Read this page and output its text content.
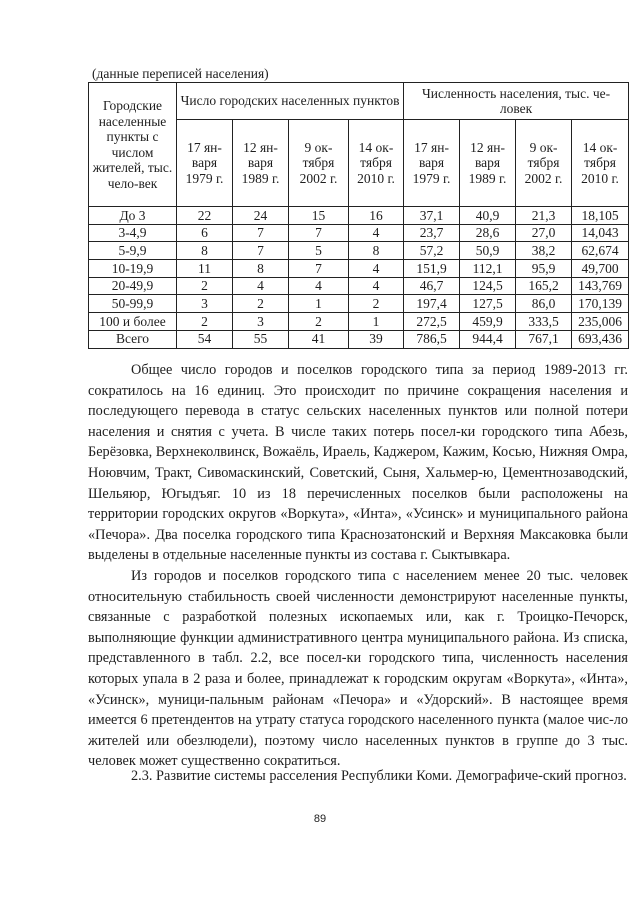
(данные переписей населения)
Городские населенные пункты с числом жителей, тыс. чело-век	Число городских населенных пунктов				Численность населения, тыс. че-ловек			
	17 ян-варя 1979 г.	12 ян-варя 1989 г.	9 ок-тября 2002 г.	14 ок-тября 2010 г.	17 ян-варя 1979 г.	12 ян-варя 1989 г.	9 ок-тября 2002 г.	14 ок-тября 2010 г.
До 3	22	24	15	16	37,1	40,9	21,3	18,105
3-4,9	6	7	7	4	23,7	28,6	27,0	14,043
5-9,9	8	7	5	8	57,2	50,9	38,2	62,674
10-19,9	11	8	7	4	151,9	112,1	95,9	49,700
20-49,9	2	4	4	4	46,7	124,5	165,2	143,769
50-99,9	3	2	1	2	197,4	127,5	86,0	170,139
100 и более	2	3	2	1	272,5	459,9	333,5	235,006
Всего	54	55	41	39	786,5	944,4	767,1	693,436

Общее число городов и поселков городского типа за период 1989-2013 гг. сократилось на 16 единиц. Это происходит по причине сокращения населения и последующего перевода в статус сельских населенных пунктов или полной потери населения и снятия с учета. В числе таких потерь посел-ки городского типа Абезь, Берёзовка, Верхнеколвинск, Вожаёль, Ираель, Каджером, Кажим, Косью, Нижняя Омра, Ноювчим, Тракт, Сивомаскинский, Советский, Сыня, Хальмер-ю, Цементнозаводский, Шельяюр, Югыдъяг. 10 из 18 перечисленных поселков были расположены на территории городских округов «Воркута», «Инта», «Усинск» и муниципального района «Печора». Два поселка городского типа Краснозатонский и Верхняя Максаковка были выделены в отдельные населенные пункты из состава г. Сыктывкара.

Из городов и поселков городского типа с населением менее 20 тыс. человек относительную стабильность своей численности демонстрируют населенные пункты, связанные с разработкой полезных ископаемых или, как г. Троицко-Печорск, выполняющие функции административного центра муниципального района. Из списка, представленного в табл. 2.2, все посел-ки городского типа, численность населения которых упала в 2 раза и более, принадлежат к городским округам «Воркута», «Инта», «Усинск», муници-пальным районам «Печора» и «Удорский». В настоящее время имеется 6 претендентов на утрату статуса городского населенного пункта (малое чис-ло жителей или обезлюдели), поэтому число населенных пунктов в группе до 3 тыс. человек может существенно сократиться.

2.3. Развитие системы расселения Республики Коми. Демографиче-ский прогноз.
89
